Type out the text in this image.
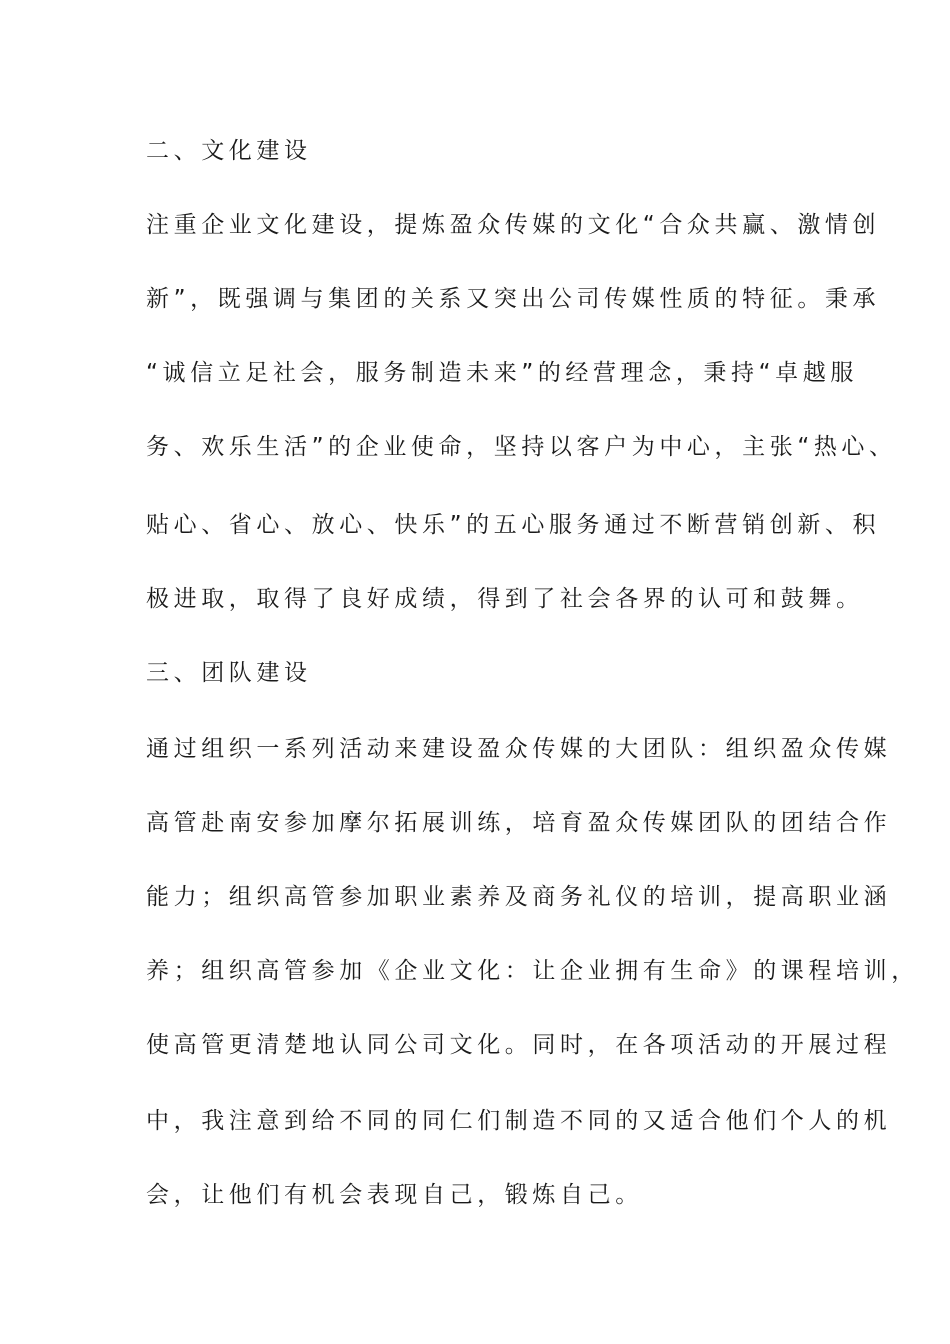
二、文化建设
注重企业文化建设，提炼盈众传媒的文化“合众共赢、激情创
新”，既强调与集团的关系又突出公司传媒性质的特征。秉承
“诚信立足社会，服务制造未来”的经营理念，秉持“卓越服
务、欢乐生活”的企业使命，坚持以客户为中心，主张“热心、
贴心、省心、放心、快乐”的五心服务通过不断营销创新、积
极进取，取得了良好成绩，得到了社会各界的认可和鼓舞。
三、团队建设
通过组织一系列活动来建设盈众传媒的大团队：组织盈众传媒
高管赴南安参加摩尔拓展训练，培育盈众传媒团队的团结合作
能力；组织高管参加职业素养及商务礼仪的培训，提高职业涵
养；组织高管参加《企业文化：让企业拥有生命》的课程培训，
使高管更清楚地认同公司文化。同时，在各项活动的开展过程
中，我注意到给不同的同仁们制造不同的又适合他们个人的机
会，让他们有机会表现自己，锻炼自己。
